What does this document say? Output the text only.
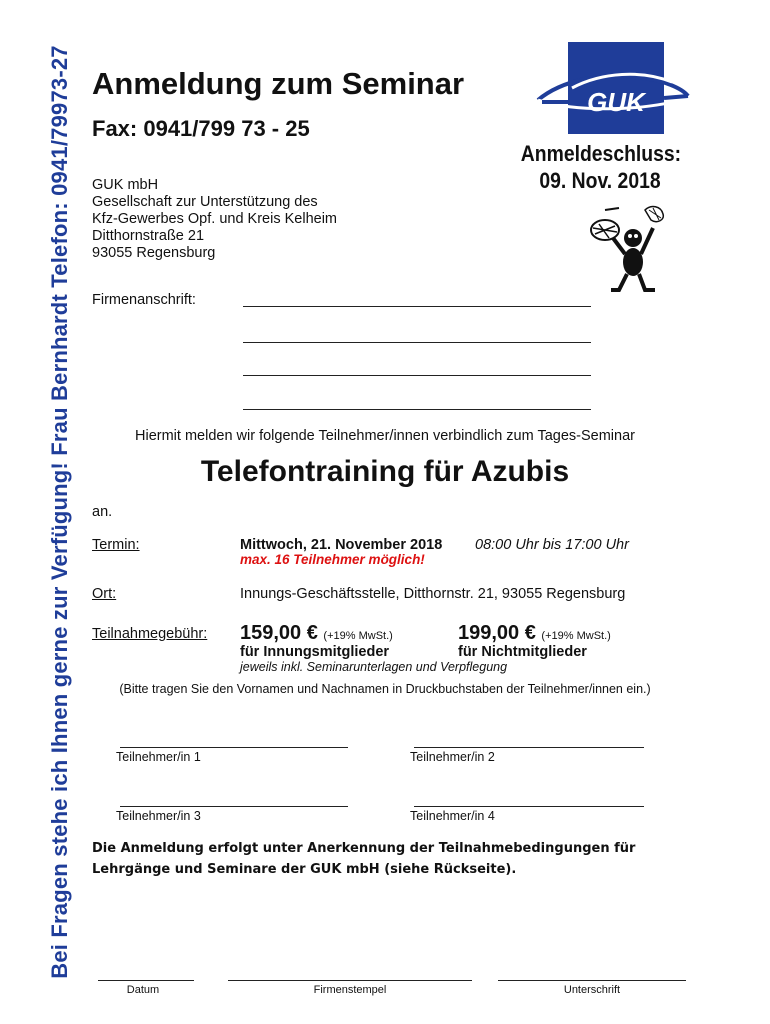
Bei Fragen stehe ich Ihnen gerne zur Verfügung! Frau Bernhardt Telefon: 0941/79973-27 Anmeldung zum Seminar
Fax: 0941/799 73 - 25
GUK mbH
Gesellschaft zur Unterstützung des
Kfz-Gewerbes Opf. und Kreis Kelheim
Ditthornstraße 21
93055 Regensburg
GUK
Anmeldeschluss:
09. Nov. 2018
Firmenanschrift:
Hiermit melden wir folgende Teilnehmer/innen verbindlich zum Tages-Seminar
Telefontraining für Azubis
an.
Termin:	Mittwoch, 21. November 2018 08:00 Uhr bis 17:00 Uhr
max. 16 Teilnehmer möglich!
Ort:	Innungs-Geschäftsstelle, Ditthornstr. 21, 93055 Regensburg
Teilnahmegebühr: 159,00 € (+19% MwSt.)
für Innungsmitglieder
199,00 € (+19% MwSt.)
für Nichtmitglieder
jeweils inkl. Seminarunterlagen und Verpflegung
(Bitte tragen Sie den Vornamen und Nachnamen in Druckbuchstaben der Teilnehmer/innen ein.)
Teilnehmer/in 1	Teilnehmer/in 2
Teilnehmer/in 3	Teilnehmer/in 4
Die Anmeldung erfolgt unter Anerkennung der Teilnahmebedingungen für Lehrgänge und Seminare der GUK mbH (siehe Rückseite).
Datum	Firmenstempel	Unterschrift
